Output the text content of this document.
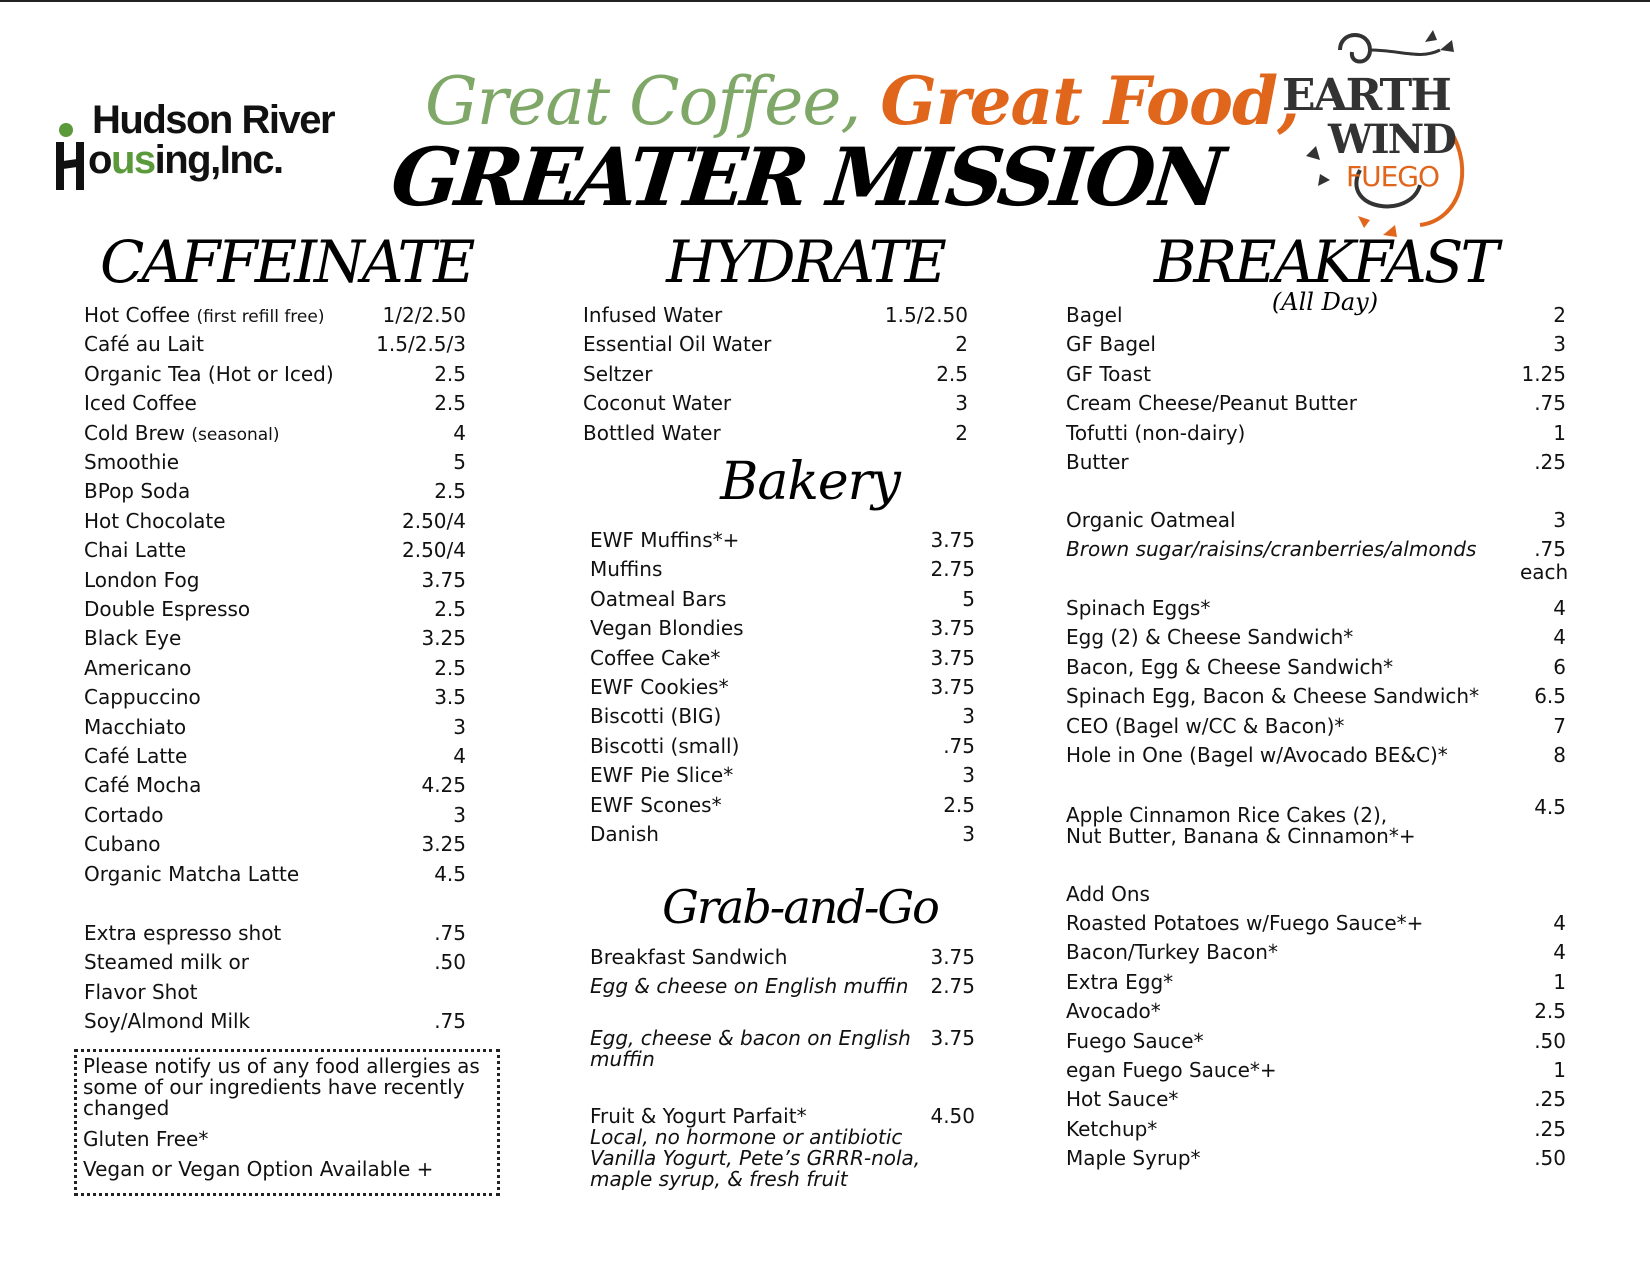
Hudson River
ousing,Inc.
Great Coffee, Great Food,
GREATER MISSION
EARTH
WIND
FUEGO
CAFFEINATE
Hot Coffee (first refill free)	1/2/2.50
Café au Lait	1.5/2.5/3
Organic Tea (Hot or Iced)	2.5
Iced Coffee	2.5
Cold Brew (seasonal)	4
Smoothie	5
BPop Soda	2.5
Hot Chocolate	2.50/4
Chai Latte	2.50/4
London Fog	3.75
Double Espresso	2.5
Black Eye	3.25
Americano	2.5
Cappuccino	3.5
Macchiato	3
Café Latte	4
Café Mocha	4.25
Cortado	3
Cubano	3.25
Organic Matcha Latte	4.5
Extra espresso shot	.75
Steamed milk or	.50
Flavor Shot
Soy/Almond Milk	.75
Please notify us of any food allergies as
some of our ingredients have recently
changed
Gluten Free*
Vegan or Vegan Option Available +
HYDRATE
Infused Water	1.5/2.50
Essential Oil Water	2
Seltzer	2.5
Coconut Water	3
Bottled Water	2
Bakery
EWF Muffins*+	3.75
Muffins	2.75
Oatmeal Bars	5
Vegan Blondies	3.75
Coffee Cake*	3.75
EWF Cookies*	3.75
Biscotti (BIG)	3
Biscotti (small)	.75
EWF Pie Slice*	3
EWF Scones*	2.5
Danish	3
Grab-and-Go
Breakfast Sandwich	3.75
Egg & cheese on English muffin 2.75
Egg, cheese & bacon on English 3.75
muffin
Fruit & Yogurt Parfait*	4.50
Local, no hormone or antibiotic
Vanilla Yogurt, Pete’s GRRR-nola,
maple syrup, & fresh fruit
BREAKFAST
(All Day)
Bagel	2
GF Bagel	3
GF Toast	1.25
Cream Cheese/Peanut Butter	.75
Tofutti (non-dairy)	1
Butter	.25
Organic Oatmeal	3
Brown sugar/raisins/cranberries/almonds	.75
each
Spinach Eggs*	4
Egg (2) & Cheese Sandwich*	4
Bacon, Egg & Cheese Sandwich*	6
Spinach Egg, Bacon & Cheese Sandwich*	6.5
CEO (Bagel w/CC & Bacon)*	7
Hole in One (Bagel w/Avocado BE&C)*	8
Apple Cinnamon Rice Cakes (2),
Nut Butter, Banana & Cinnamon*+
4.5
Add Ons
Roasted Potatoes w/Fuego Sauce*+	4
Bacon/Turkey Bacon*	4
Extra Egg*	1
Avocado*	2.5
Fuego Sauce*	.50
egan Fuego Sauce*+	1
Hot Sauce*	.25
Ketchup*	.25
Maple Syrup*	.50
